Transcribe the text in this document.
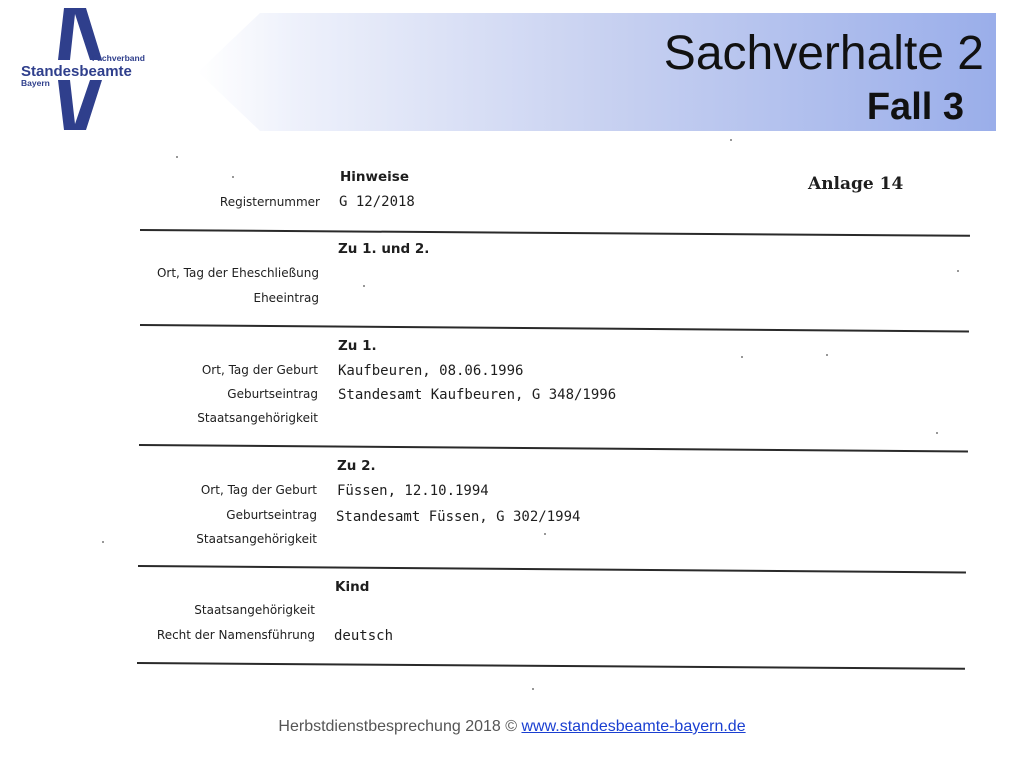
Fachverband
Standesbeamte
Bayern
Sachverhalte 2
Fall 3
Anlage 14
Hinweise
Registernummer G 12/2018
Zu 1. und 2.
Ort, Tag der Eheschließung
Eheeintrag
Zu 1.
Ort, Tag der Geburt Kaufbeuren, 08.06.1996
Geburtseintrag Standesamt Kaufbeuren, G 348/1996
Staatsangehörigkeit
Zu 2.
Ort, Tag der Geburt Füssen, 12.10.1994
Geburtseintrag Standesamt Füssen, G 302/1994
Staatsangehörigkeit
Kind
Staatsangehörigkeit
Recht der Namensführung deutsch
Herbstdienstbesprechung 2018 © www.standesbeamte-bayern.de
